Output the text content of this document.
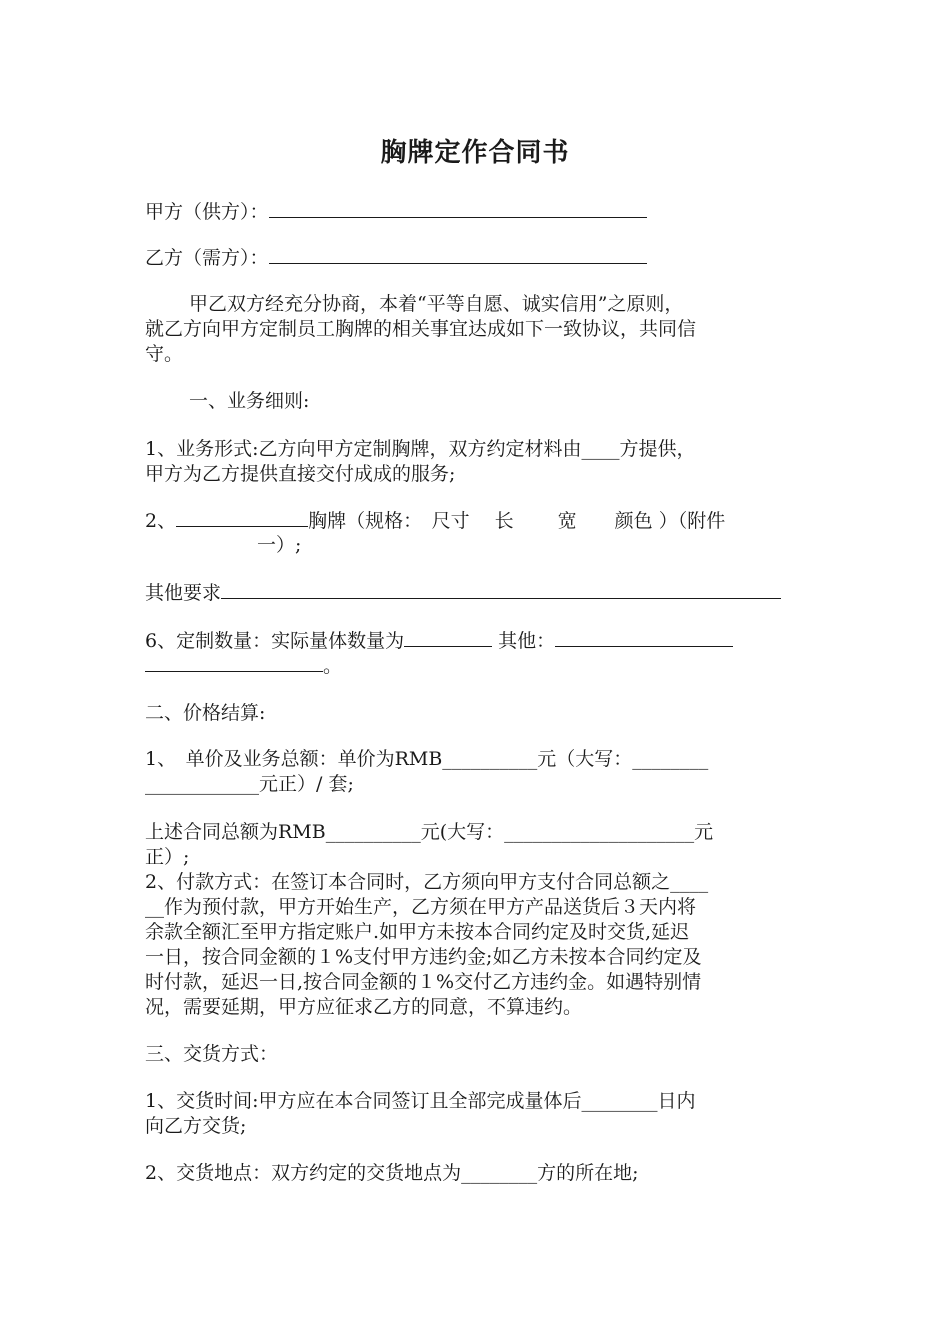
胸牌定作合同书
甲方（供方）：
乙方（需方）：
甲乙双方经充分协商，本着“平等自愿、诚实信用”之原则，
就乙方向甲方定制员工胸牌的相关事宜达成如下一致协议，共同信
守。
一、业务细则:
1、业务形式:乙方向甲方定制胸牌，双方约定材料由____方提供，
甲方为乙方提供直接交付成成的服务;
2、	胸牌（规格：　尺寸　 长　　 宽　　颜色 ）（附件
一）;
其他要求
6、定制数量：实际量体数量为	其他：
。
二、价格结算:
1、　单价及业务总额：单价为RMB__________元（大写：________
____________元正）/ 套;
上述合同总额为RMB__________元(大写：____________________元
正）;
2、付款方式：在签订本合同时，乙方须向甲方支付合同总额之____
__作为预付款，甲方开始生产，乙方须在甲方产品送货后３天内将
余款全额汇至甲方指定账户.如甲方未按本合同约定及时交货,延迟
一日，按合同金额的１%支付甲方违约金;如乙方未按本合同约定及
时付款，延迟一日,按合同金额的１%交付乙方违约金。如遇特别情
况，需要延期，甲方应征求乙方的同意，不算违约。
三、交货方式：
1、交货时间:甲方应在本合同签订且全部完成量体后________日内
向乙方交货;
2、交货地点：双方约定的交货地点为________方的所在地;
